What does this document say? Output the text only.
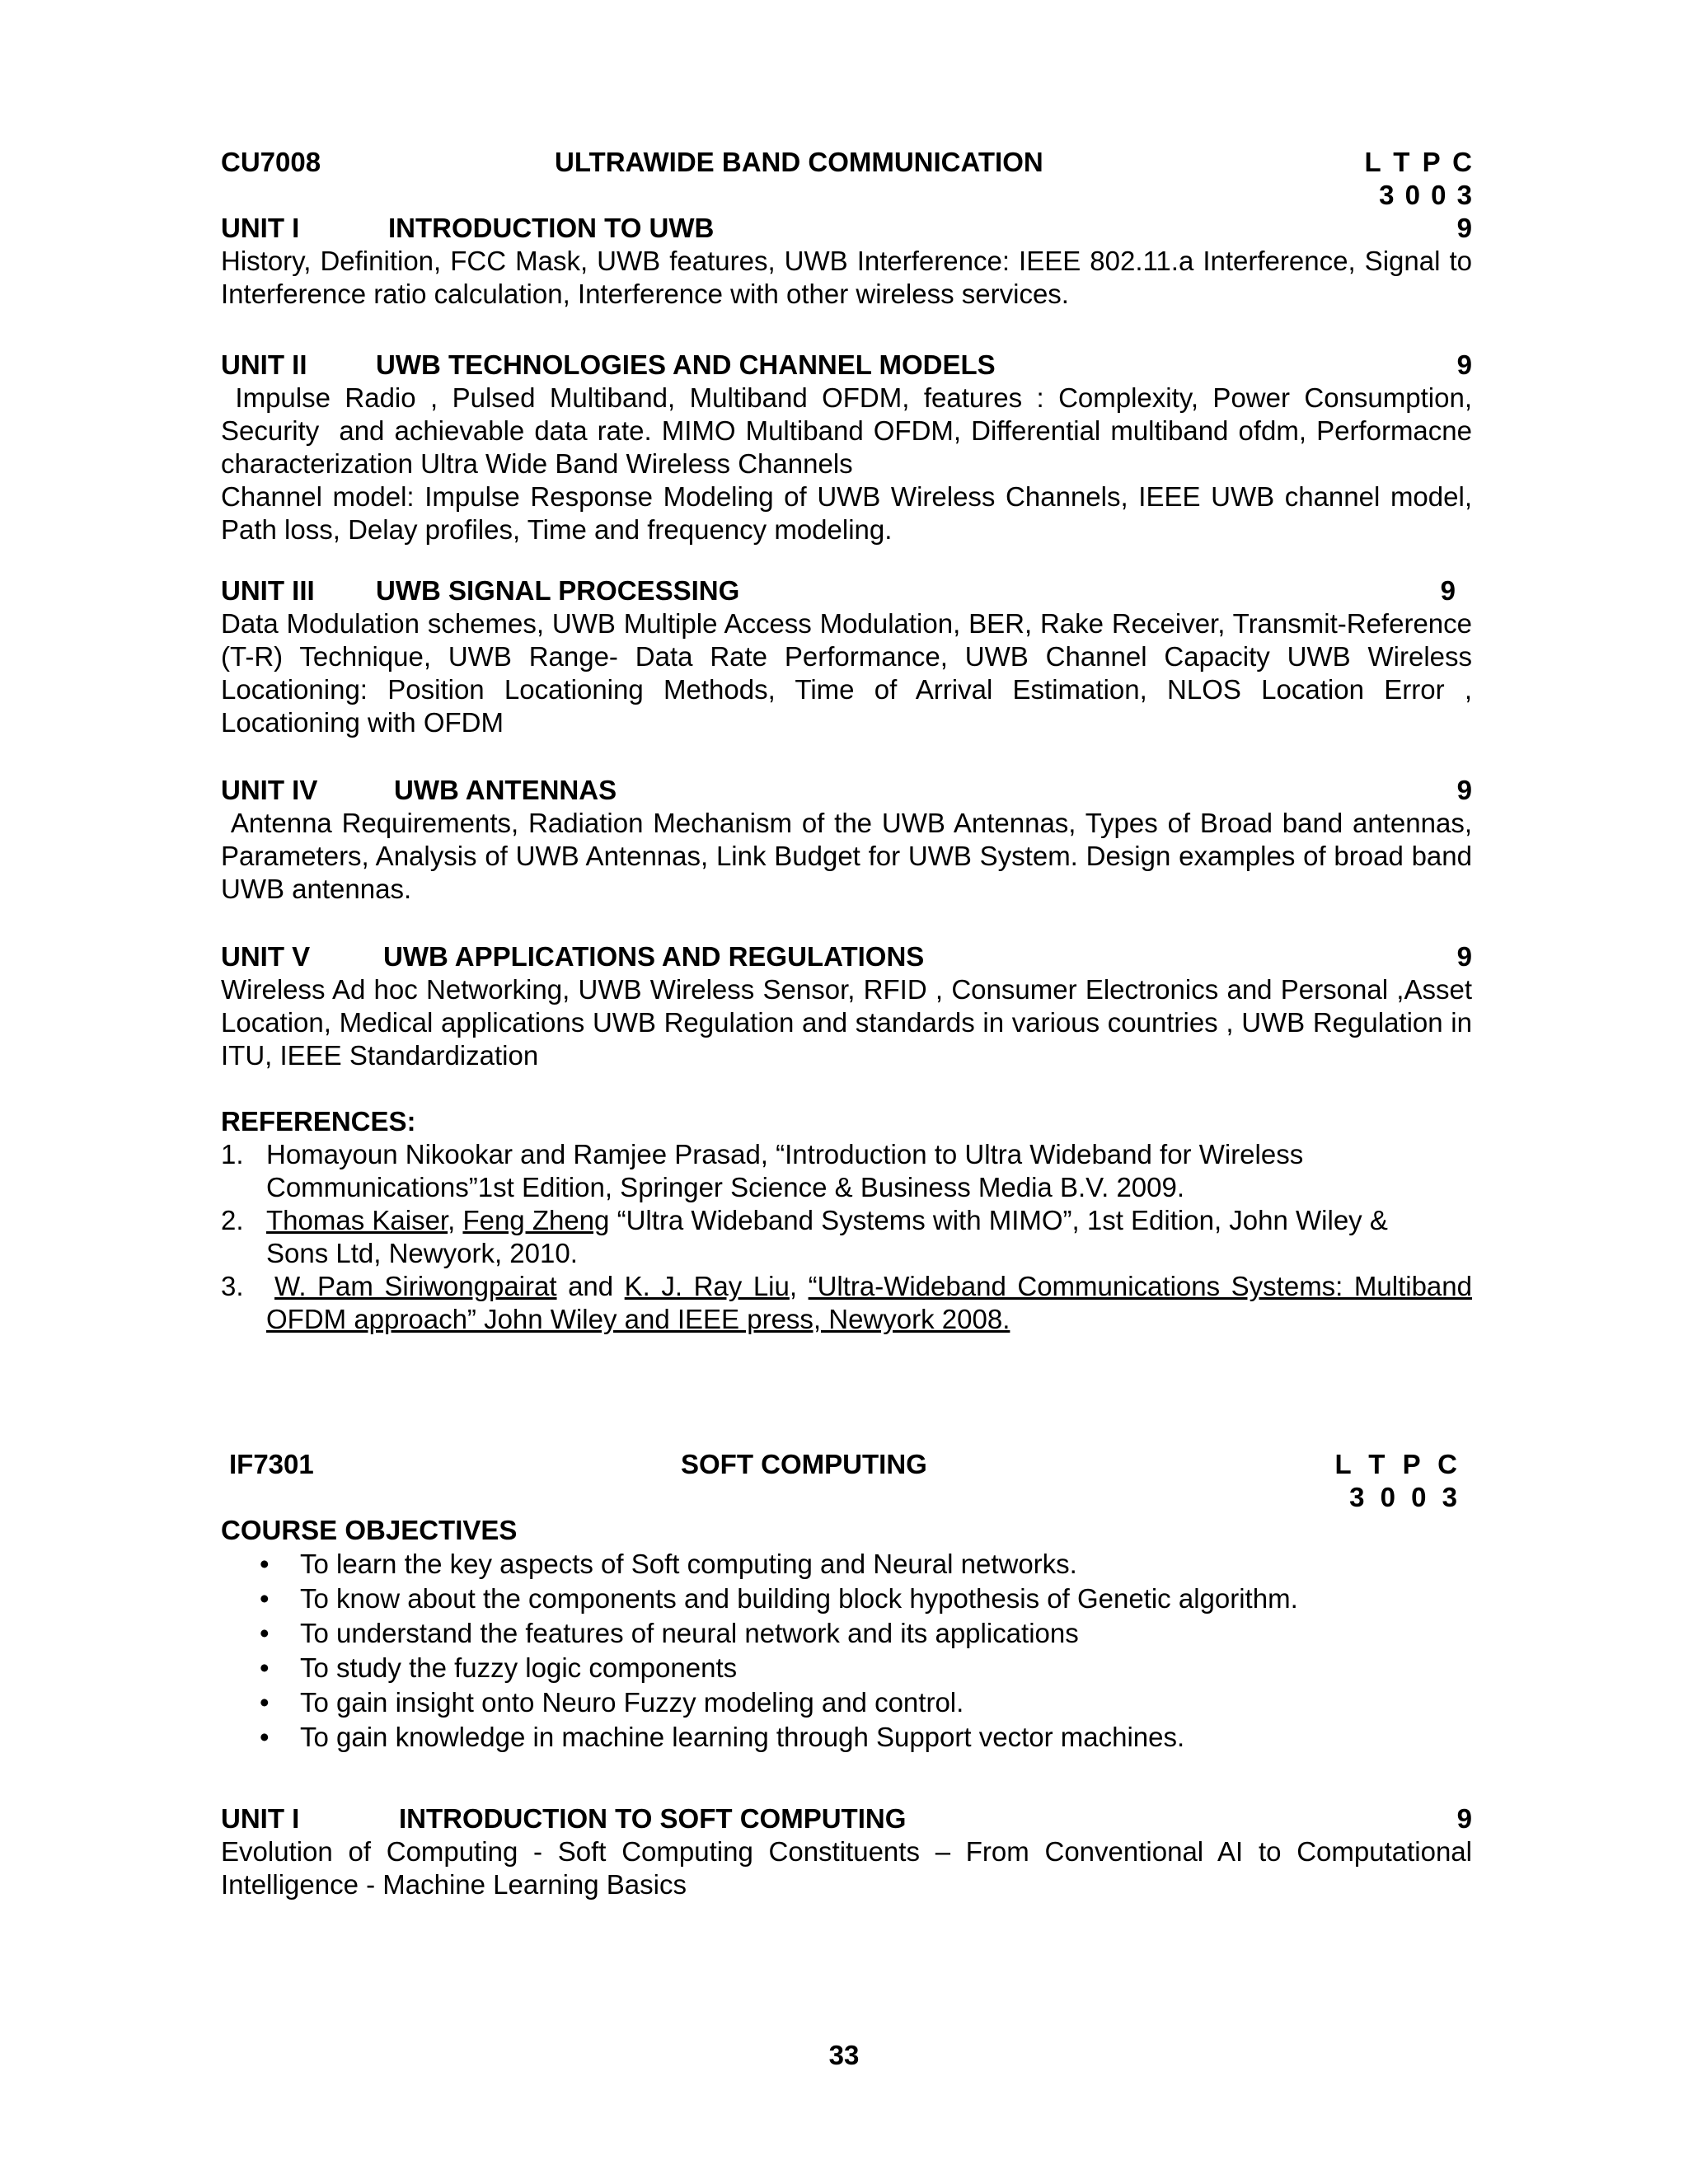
CU7008	ULTRAWIDE BAND COMMUNICATION	L T P C
3 0 0 3
UNIT I	INTRODUCTION TO UWB	9
History, Definition, FCC Mask, UWB features, UWB Interference: IEEE 802.11.a Interference, Signal to Interference ratio calculation, Interference with other wireless services.
UNIT II	UWB TECHNOLOGIES AND CHANNEL MODELS	9
Impulse Radio , Pulsed Multiband, Multiband OFDM, features : Complexity, Power Consumption, Security  and achievable data rate. MIMO Multiband OFDM, Differential multiband ofdm, Performacne characterization Ultra Wide Band Wireless Channels
Channel model: Impulse Response Modeling of UWB Wireless Channels, IEEE UWB channel model, Path loss, Delay profiles, Time and frequency modeling.
UNIT III UWB SIGNAL PROCESSING	9
Data Modulation schemes, UWB Multiple Access Modulation, BER, Rake Receiver, Transmit-Reference (T-R) Technique, UWB Range- Data Rate Performance, UWB Channel Capacity UWB Wireless Locationing: Position Locationing Methods, Time of Arrival Estimation, NLOS Location Error , Locationing with OFDM
UNIT IV	UWB ANTENNAS	9
Antenna Requirements, Radiation Mechanism of the UWB Antennas, Types of Broad band antennas, Parameters, Analysis of UWB Antennas, Link Budget for UWB System. Design examples of broad band UWB antennas.
UNIT V	UWB APPLICATIONS AND REGULATIONS	9
Wireless Ad hoc Networking, UWB Wireless Sensor, RFID , Consumer Electronics and Personal ,Asset Location, Medical applications UWB Regulation and standards in various countries , UWB Regulation in ITU, IEEE Standardization
REFERENCES:
1. Homayoun Nikookar and Ramjee Prasad, “Introduction to Ultra Wideband for Wireless Communications”1st Edition, Springer Science & Business Media B.V. 2009.
2. Thomas Kaiser, Feng Zheng “Ultra Wideband Systems with MIMO”, 1st Edition, John Wiley & Sons Ltd, Newyork, 2010.
3. W. Pam Siriwongpairat and K. J. Ray Liu, “Ultra-Wideband Communications Systems: Multiband OFDM approach” John Wiley and IEEE press, Newyork 2008.
IF7301	SOFT COMPUTING	L T P C
3 0 0 3
COURSE OBJECTIVES
• To learn the key aspects of Soft computing and Neural networks.
• To know about the components and building block hypothesis of Genetic algorithm.
• To understand the features of neural network and its applications
• To study the fuzzy logic components
• To gain insight onto Neuro Fuzzy modeling and control.
• To gain knowledge in machine learning through Support vector machines.
UNIT I	INTRODUCTION TO SOFT COMPUTING	9
Evolution of Computing - Soft Computing Constituents – From Conventional AI to Computational Intelligence - Machine Learning Basics
33
